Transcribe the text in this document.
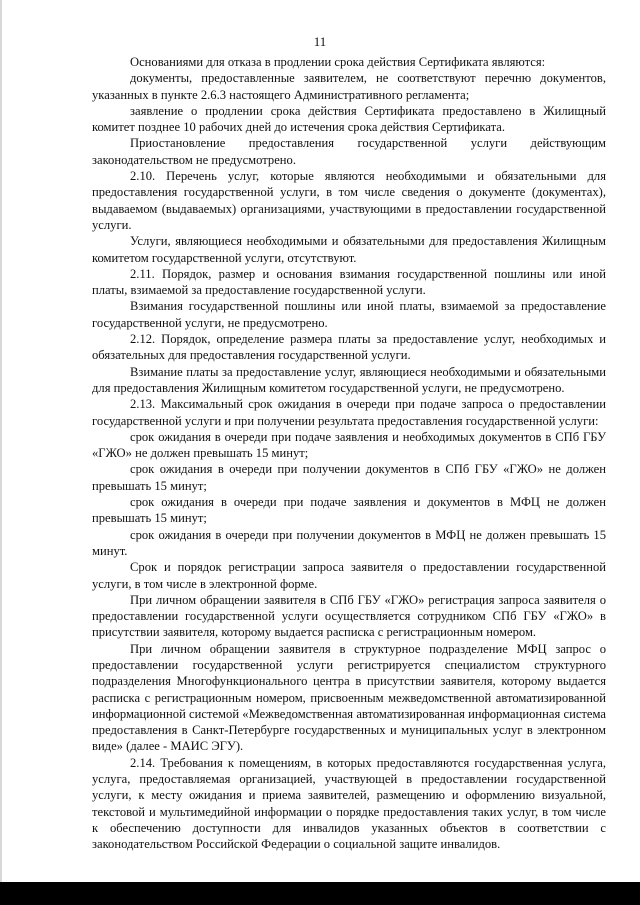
11

Основаниями для отказа в продлении срока действия Сертификата являются:

документы, предоставленные заявителем, не соответствуют перечню документов, указанных в пункте 2.6.3 настоящего Административного регламента;

заявление о продлении срока действия Сертификата предоставлено в Жилищный комитет позднее 10 рабочих дней до истечения срока действия Сертификата.

Приостановление предоставления государственной услуги действующим законодательством не предусмотрено.

2.10. Перечень услуг, которые являются необходимыми и обязательными для предоставления государственной услуги, в том числе сведения о документе (документах), выдаваемом (выдаваемых) организациями, участвующими в предоставлении государственной услуги.

Услуги, являющиеся необходимыми и обязательными для предоставления Жилищным комитетом государственной услуги, отсутствуют.

2.11. Порядок, размер и основания взимания государственной пошлины или иной платы, взимаемой за предоставление государственной услуги.

Взимания государственной пошлины или иной платы, взимаемой за предоставление государственной услуги, не предусмотрено.

2.12. Порядок, определение размера платы за предоставление услуг, необходимых и обязательных для предоставления государственной услуги.

Взимание платы за предоставление услуг, являющиеся необходимыми и обязательными для предоставления Жилищным комитетом государственной услуги, не предусмотрено.

2.13. Максимальный срок ожидания в очереди при подаче запроса о предоставлении государственной услуги и при получении результата предоставления государственной услуги:

срок ожидания в очереди при подаче заявления и необходимых документов в СПб ГБУ «ГЖО» не должен превышать 15 минут;

срок ожидания в очереди при получении документов в СПб ГБУ «ГЖО» не должен превышать 15 минут;

срок ожидания в очереди при подаче заявления и документов в МФЦ не должен превышать 15 минут;

срок ожидания в очереди при получении документов в МФЦ не должен превышать 15 минут.

Срок и порядок регистрации запроса заявителя о предоставлении государственной услуги, в том числе в электронной форме.

При личном обращении заявителя в СПб ГБУ «ГЖО» регистрация запроса заявителя о предоставлении государственной услуги осуществляется сотрудником СПб ГБУ «ГЖО» в присутствии заявителя, которому выдается расписка с регистрационным номером.

При личном обращении заявителя в структурное подразделение МФЦ запрос о предоставлении государственной услуги регистрируется специалистом структурного подразделения Многофункционального центра в присутствии заявителя, которому выдается расписка с регистрационным номером, присвоенным межведомственной автоматизированной информационной системой «Межведомственная автоматизированная информационная система предоставления в Санкт-Петербурге государственных и муниципальных услуг в электронном виде» (далее - МАИС ЭГУ).

2.14. Требования к помещениям, в которых предоставляются государственная услуга, услуга, предоставляемая организацией, участвующей в предоставлении государственной услуги, к месту ожидания и приема заявителей, размещению и оформлению визуальной, текстовой и мультимедийной информации о порядке предоставления таких услуг, в том числе к обеспечению доступности для инвалидов указанных объектов в соответствии с законодательством Российской Федерации о социальной защите инвалидов.
